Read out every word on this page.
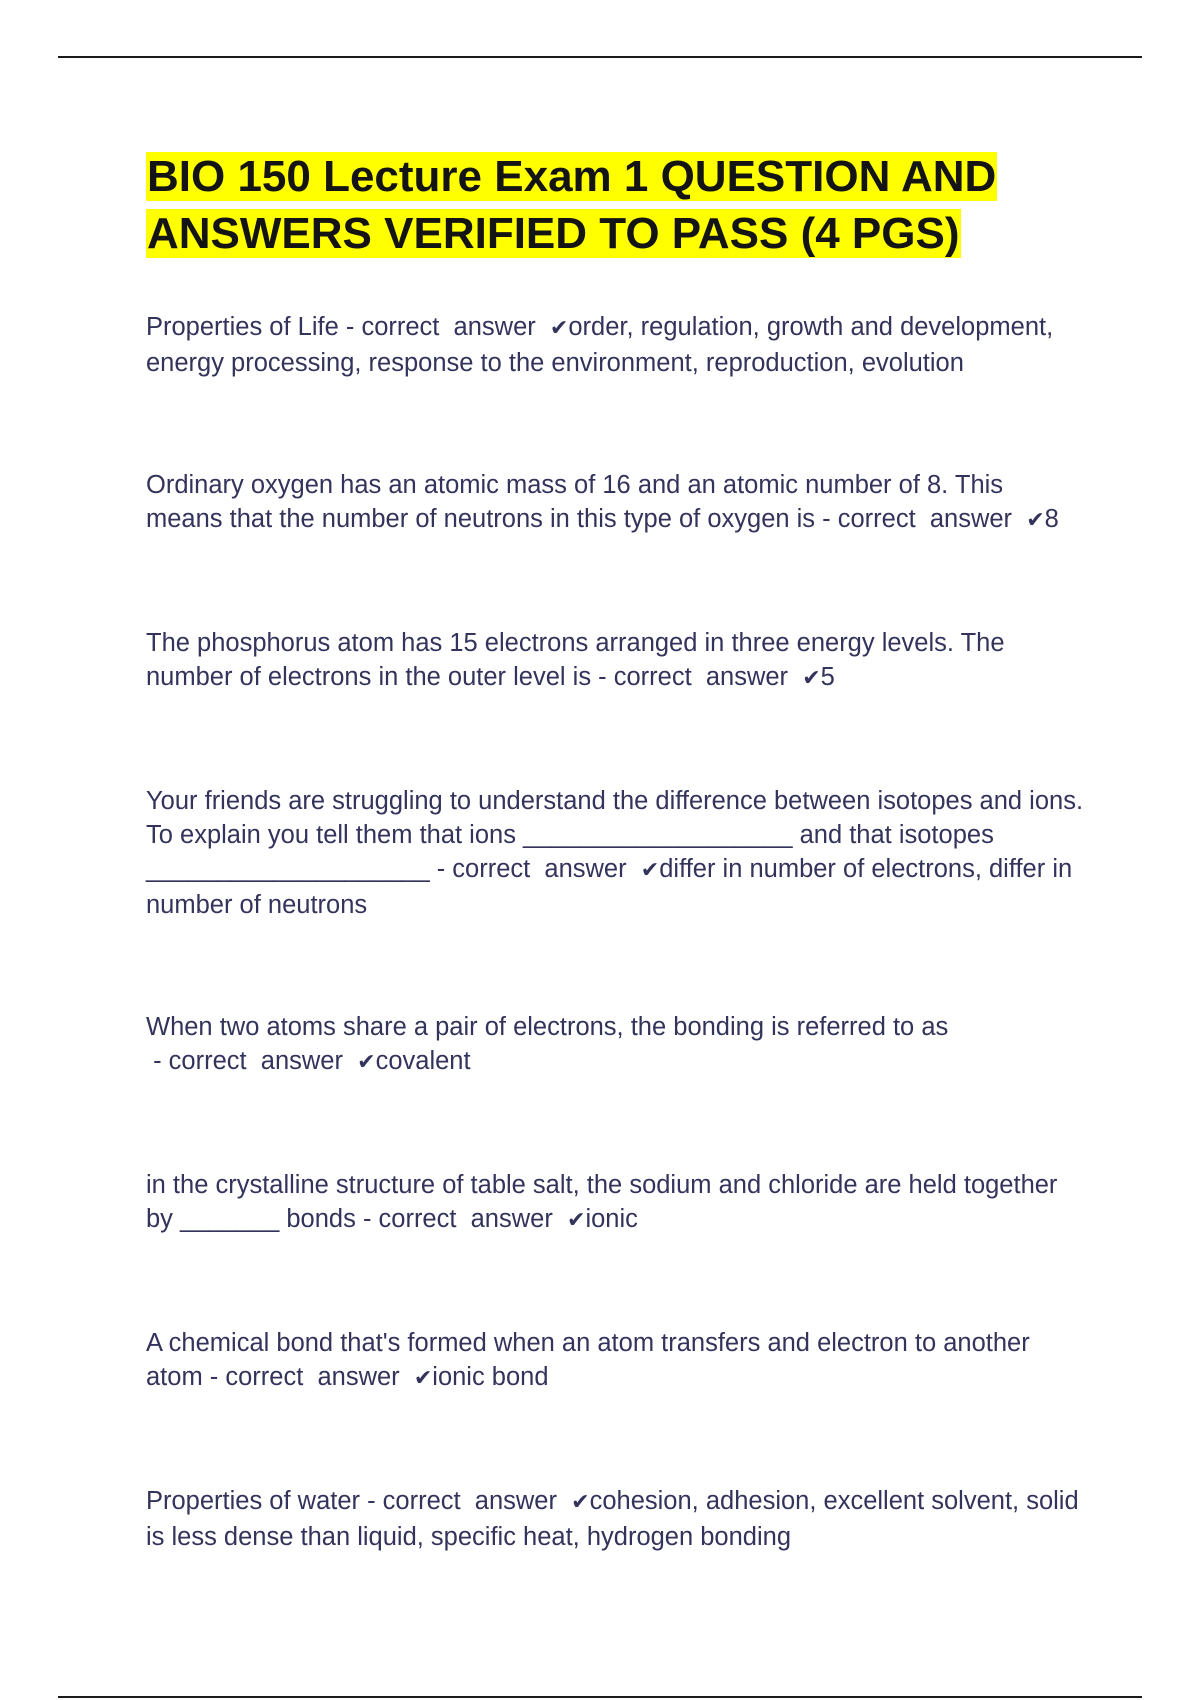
BIO 150 Lecture Exam 1 QUESTION AND ANSWERS VERIFIED TO PASS (4 PGS)

Properties of Life - correct  answer  ✔order, regulation, growth and development, energy processing, response to the environment, reproduction, evolution

Ordinary oxygen has an atomic mass of 16 and an atomic number of 8. This means that the number of neutrons in this type of oxygen is - correct  answer  ✔8

The phosphorus atom has 15 electrons arranged in three energy levels. The number of electrons in the outer level is - correct  answer  ✔5

Your friends are struggling to understand the difference between isotopes and ions. To explain you tell them that ions ___________________ and that isotopes ____________________ - correct  answer  ✔differ in number of electrons, differ in number of neutrons

When two atoms share a pair of electrons, the bonding is referred to as - correct  answer  ✔covalent

in the crystalline structure of table salt, the sodium and chloride are held together by _______ bonds - correct  answer  ✔ionic

A chemical bond that's formed when an atom transfers and electron to another atom - correct  answer  ✔ionic bond

Properties of water - correct  answer  ✔cohesion, adhesion, excellent solvent, solid is less dense than liquid, specific heat, hydrogen bonding
